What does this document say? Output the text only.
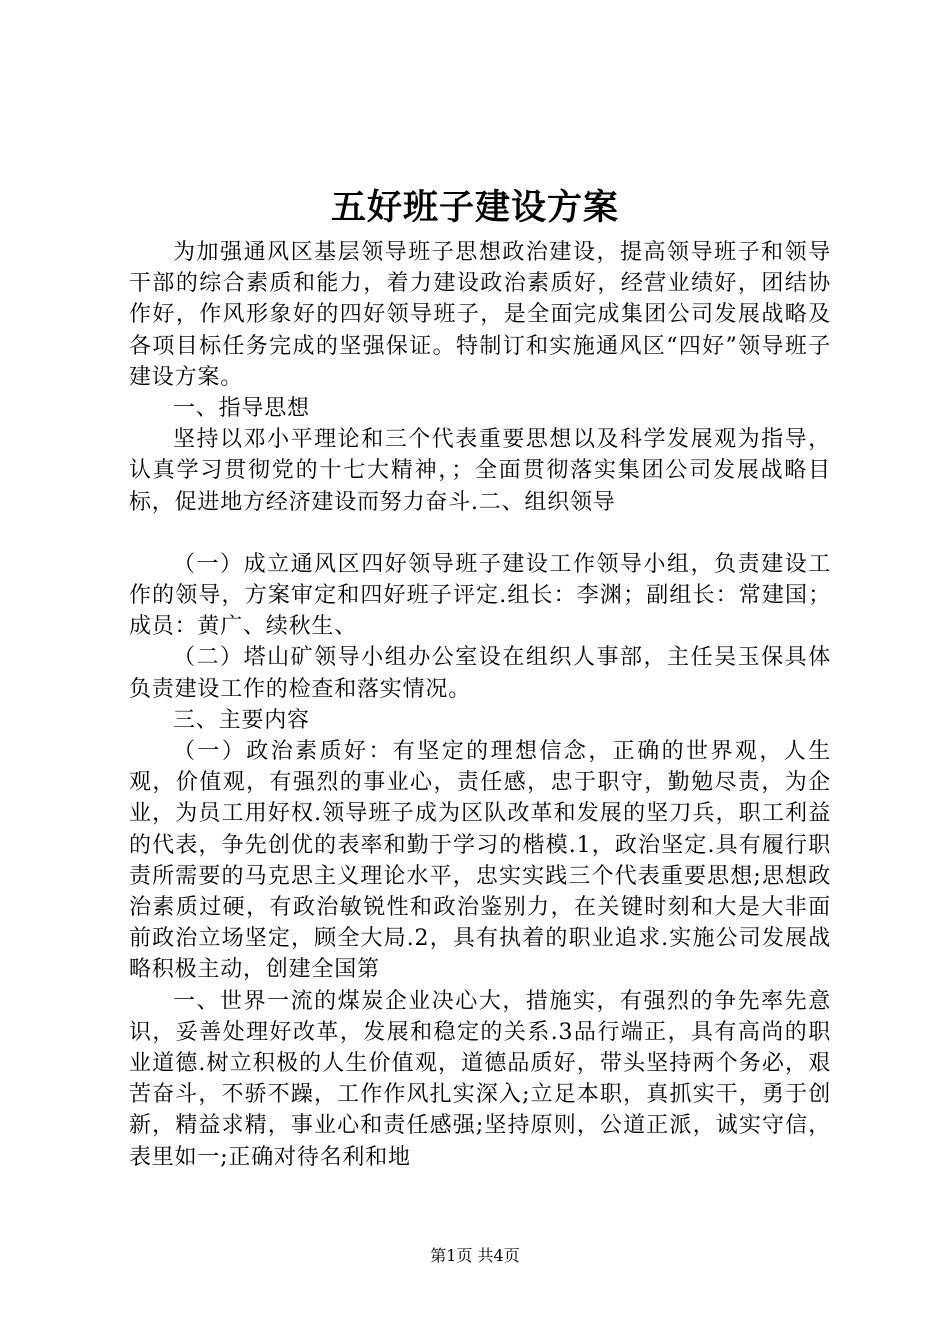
五好班子建设方案

为加强通风区基层领导班子思想政治建设，提高领导班子和领导干部的综合素质和能力，着力建设政治素质好，经营业绩好，团结协作好，作风形象好的四好领导班子，是全面完成集团公司发展战略及各项目标任务完成的坚强保证。特制订和实施通风区“四好”领导班子建设方案。

一、指导思想

坚持以邓小平理论和三个代表重要思想以及科学发展观为指导，认真学习贯彻党的十七大精神，；全面贯彻落实集团公司发展战略目标，促进地方经济建设而努力奋斗.二、组织领导

（一）成立通风区四好领导班子建设工作领导小组，负责建设工作的领导，方案审定和四好班子评定.组长：李渊；副组长：常建国；成员：黄广、续秋生、

（二）塔山矿领导小组办公室设在组织人事部，主任吴玉保具体负责建设工作的检查和落实情况。

三、主要内容

（一）政治素质好：有坚定的理想信念，正确的世界观，人生观，价值观，有强烈的事业心，责任感，忠于职守，勤勉尽责，为企业，为员工用好权.领导班子成为区队改革和发展的坚刀兵，职工利益的代表，争先创优的表率和勤于学习的楷模.1，政治坚定.具有履行职责所需要的马克思主义理论水平，忠实实践三个代表重要思想;思想政治素质过硬，有政治敏锐性和政治鉴别力，在关键时刻和大是大非面前政治立场坚定，顾全大局.2，具有执着的职业追求.实施公司发展战略积极主动，创建全国第

一、世界一流的煤炭企业决心大，措施实，有强烈的争先率先意识，妥善处理好改革，发展和稳定的关系.3品行端正，具有高尚的职业道德.树立积极的人生价值观，道德品质好，带头坚持两个务必，艰苦奋斗，不骄不躁，工作作风扎实深入;立足本职，真抓实干，勇于创新，精益求精，事业心和责任感强;坚持原则，公道正派，诚实守信，表里如一;正确对待名利和地

第1页 共4页
